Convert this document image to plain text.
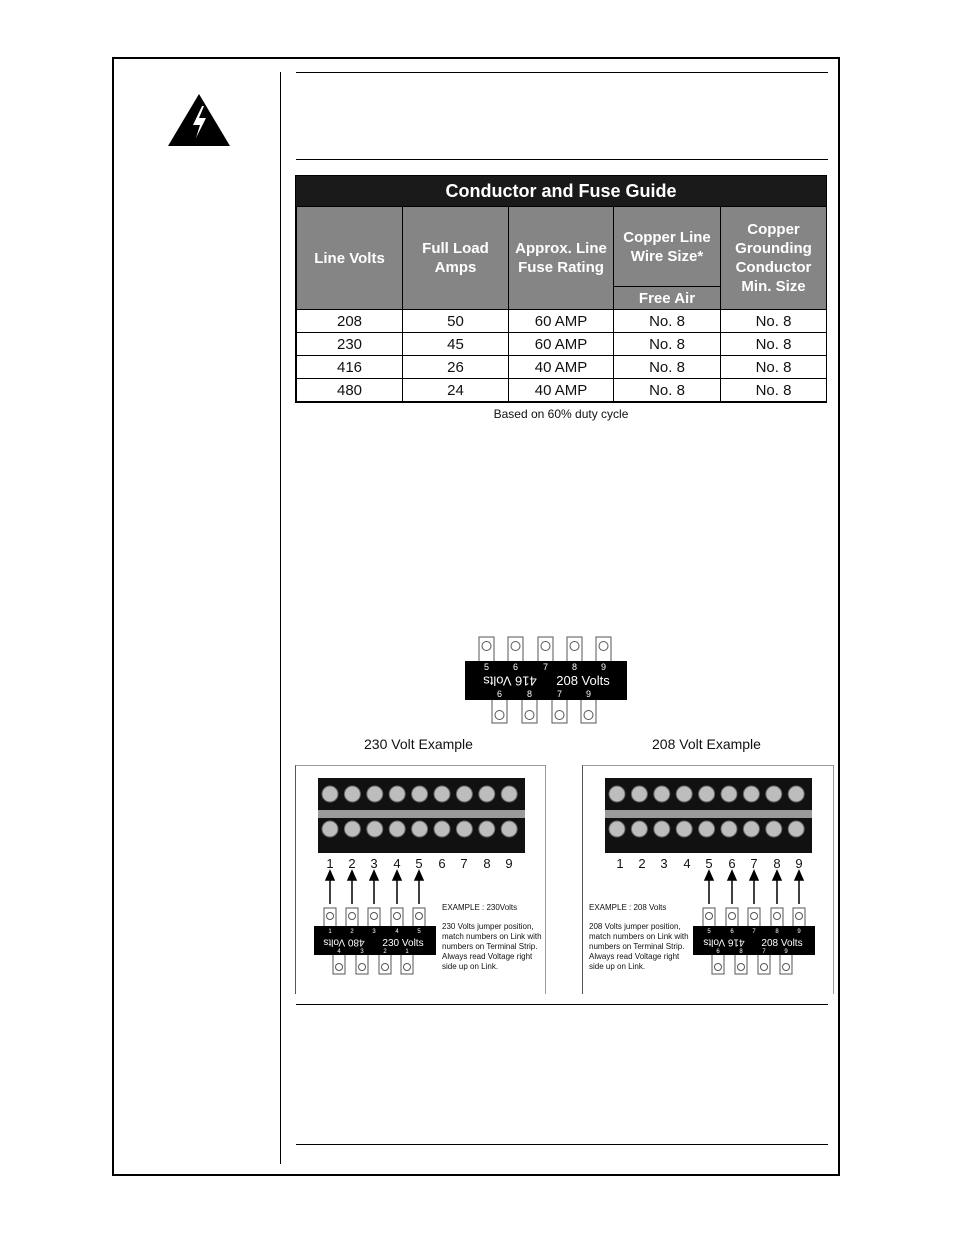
Conductor and Fuse Guide
Line Volts	Full Load Amps	Approx. Line Fuse Rating	Copper Line Wire Size*	Copper Grounding Conductor Min. Size
			Free Air	
208	50	60 AMP	No. 8	No. 8
230	45	60 AMP	No. 8	No. 8
416	26	40 AMP	No. 8	No. 8
480	24	40 AMP	No. 8	No. 8
Based on 60% duty cycle
5	6	7	8	9
6	8	7	9
416 Volts 208 Volts
230 Volt Example	208 Volt Example
1 2 3 4 5 6 7 8 9
1	2	3	4	5
4	3	2	1
480 Volts 230 Volts
EXAMPLE : 230Volts
230 Volts jumper position, match numbers on Link with numbers on Terminal Strip. Always read Voltage right side up on Link.
1 2 3 4 5 6 7 8 9
5	6	7	8	9
6	8	7	9
416 Volts 208 Volts
EXAMPLE : 208 Volts
208 Volts jumper position, match numbers on Link with numbers on Terminal Strip. Always read Voltage right side up on Link.
